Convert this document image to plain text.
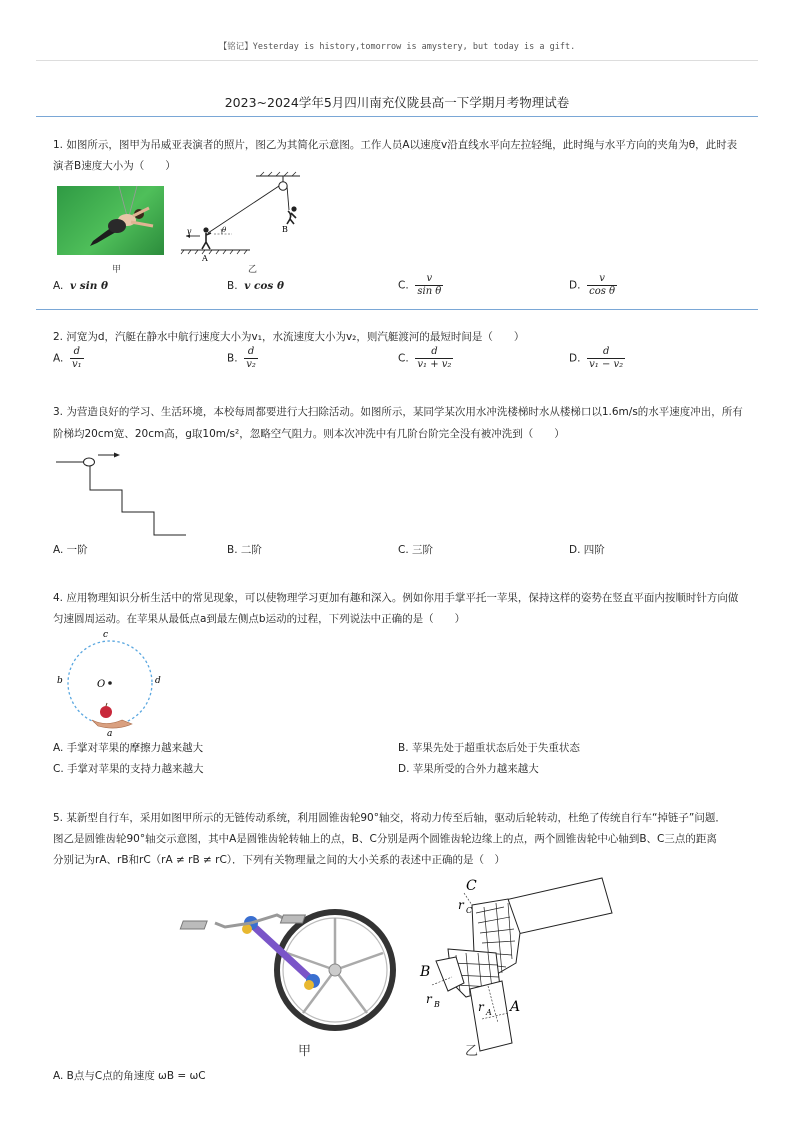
【铭记】Yesterday is history,tomorrow is amystery, but today is a gift.
2023~2024学年5月四川南充仪陇县高一下学期月考物理试卷
1. 如图所示，图甲为吊威亚表演者的照片，图乙为其简化示意图。工作人员A以速度v沿直线水平向左拉轻绳，此时绳与水平方向的夹角为θ，此时表演者B速度大小为（　　）
甲
v	θ
A
B
乙
A. v sin θ	B. v cos θ	C. $\frac{v}{\text{sin θ}}$	D. $\frac{v}{\text{cos θ}}$
2. 河宽为d，汽艇在静水中航行速度大小为v₁，水流速度大小为v₂，则汽艇渡河的最短时间是（　　）
A. $\frac{d}{\text{v₁}}$	B. $\frac{d}{\text{v₂}}$	C. $\frac{d}{\text{v₁ + v₂}}$	D. $\frac{d}{\text{v₁ − v₂}}$
3. 为营造良好的学习、生活环境，本校每周都要进行大扫除活动。如图所示，某同学某次用水冲洗楼梯时水从楼梯口以1.6m/s的水平速度冲出，所有
阶梯均20cm宽、20cm高，g取10m/s²，忽略空气阻力。则本次冲洗中有几阶台阶完全没有被冲洗到（　　）
A. 一阶	B. 二阶	C. 三阶	D. 四阶
4. 应用物理知识分析生活中的常见现象，可以使物理学习更加有趣和深入。例如你用手掌平托一苹果，保持这样的姿势在竖直平面内按顺时针方向做
匀速圆周运动。在苹果从最低点a到最左侧点b运动的过程，下列说法中正确的是（　　）
O
c
b	d
a
A. 手掌对苹果的摩擦力越来越大	B. 苹果先处于超重状态后处于失重状态
C. 手掌对苹果的支持力越来越大	D. 苹果所受的合外力越来越大
5. 某新型自行车，采用如图甲所示的无链传动系统，利用圆锥齿轮90°轴交，将动力传至后轴，驱动后轮转动，杜绝了传统自行车“掉链子”问题．
图乙是圆锥齿轮90°轴交示意图，其中A是圆锥齿轮转轴上的点，B、C分别是两个圆锥齿轮边缘上的点，两个圆锥齿轮中心轴到B、C三点的距离
分别记为rA、rB和rC（rA ≠ rB ≠ rC）．下列有关物理量之间的大小关系的表述中正确的是（　）
甲
C
r C
B
r B	A
r A
乙
A. B点与C点的角速度 ωB = ωC
